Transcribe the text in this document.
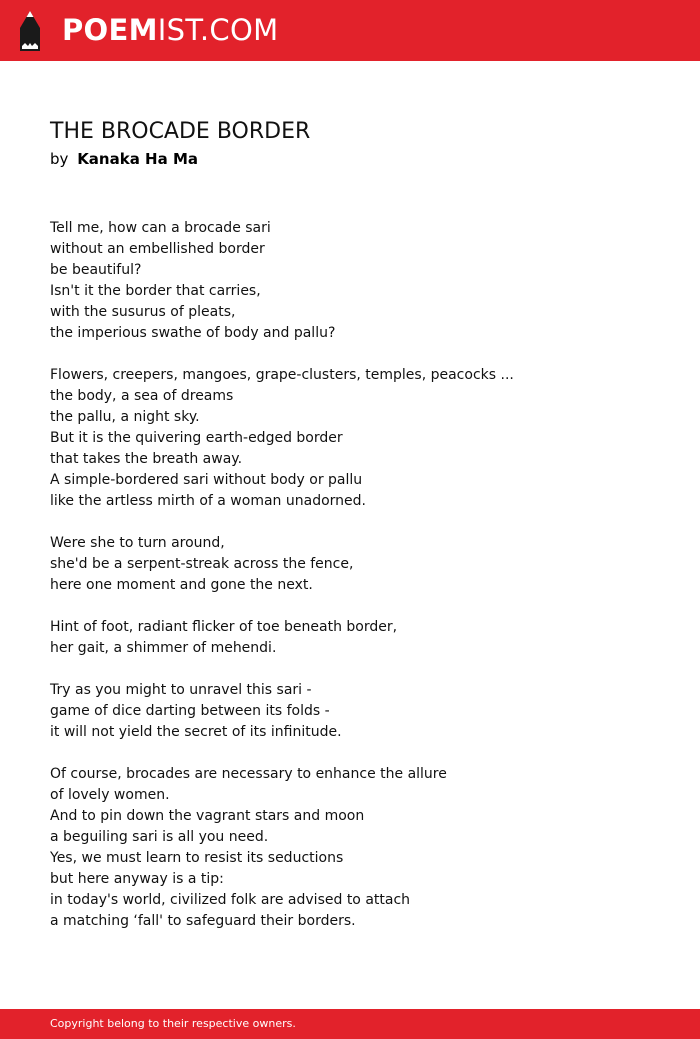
POEMIST.COM
THE BROCADE BORDER
by Kanaka Ha Ma
Tell me, how can a brocade sari
without an embellished border
be beautiful?
Isn't it the border that carries,
with the susurus of pleats,
the imperious swathe of body and pallu?
Flowers, creepers, mangoes, grape-clusters, temples, peacocks ...
the body, a sea of dreams
the pallu, a night sky.
But it is the quivering earth-edged border
that takes the breath away.
A simple-bordered sari without body or pallu
like the artless mirth of a woman unadorned.
Were she to turn around,
she'd be a serpent-streak across the fence,
here one moment and gone the next.
Hint of foot, radiant flicker of toe beneath border,
her gait, a shimmer of mehendi.
Try as you might to unravel this sari -
game of dice darting between its folds -
it will not yield the secret of its infinitude.
Of course, brocades are necessary to enhance the allure
of lovely women.
And to pin down the vagrant stars and moon
a beguiling sari is all you need.
Yes, we must learn to resist its seductions
but here anyway is a tip:
in today's world, civilized folk are advised to attach
a matching ‘fall' to safeguard their borders.
Copyright belong to their respective owners.
